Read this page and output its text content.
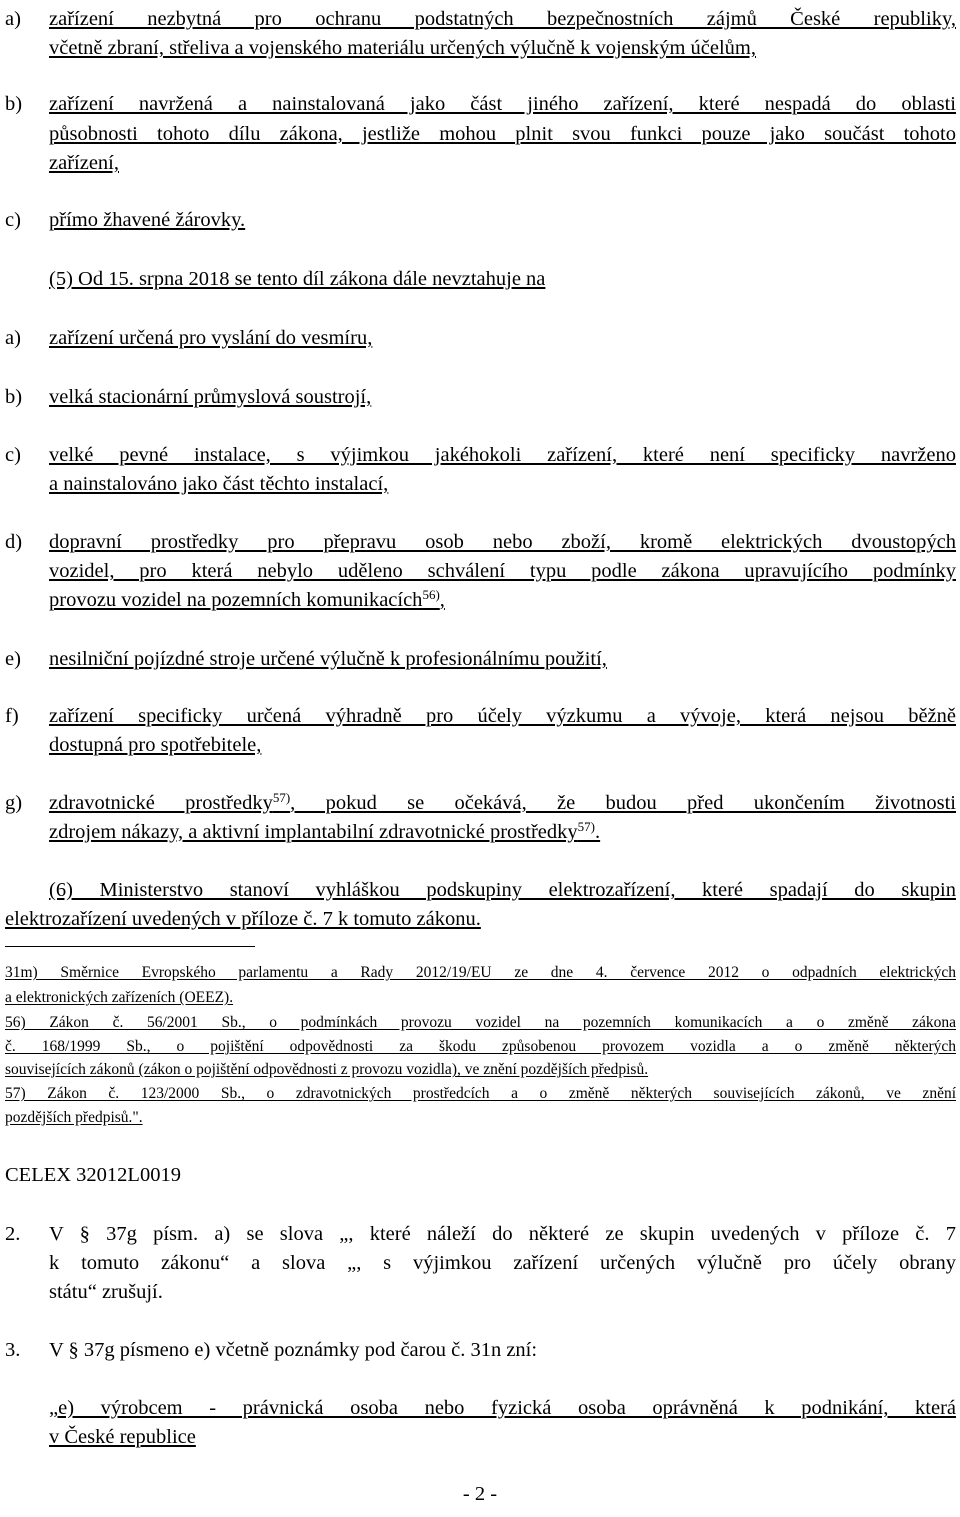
a) zařízení nezbytná pro ochranu podstatných bezpečnostních zájmů České republiky,
včetně zbraní, střeliva a vojenského materiálu určených výlučně k vojenským účelům,
b) zařízení navržená a nainstalovaná jako část jiného zařízení, které nespadá do oblasti
působnosti tohoto dílu zákona, jestliže mohou plnit svou funkci pouze jako součást tohoto
zařízení,
c) přímo žhavené žárovky.
(5) Od 15. srpna 2018 se tento díl zákona dále nevztahuje na
a) zařízení určená pro vyslání do vesmíru,
b) velká stacionární průmyslová soustrojí,
c) velké pevné instalace, s výjimkou jakéhokoli zařízení, které není specificky navrženo
a nainstalováno jako část těchto instalací,
d) dopravní prostředky pro přepravu osob nebo zboží, kromě elektrických dvoustopých
vozidel, pro která nebylo uděleno schválení typu podle zákona upravujícího podmínky
provozu vozidel na pozemních komunikacích$^{56)}$,
e) nesilniční pojízdné stroje určené výlučně k profesionálnímu použití,
f) zařízení specificky určená výhradně pro účely výzkumu a vývoje, která nejsou běžně
dostupná pro spotřebitele,
g) zdravotnické prostředky$^{57)}$, pokud se očekává, že budou před ukončením životnosti
zdrojem nákazy, a aktivní implantabilní zdravotnické prostředky$^{57)}$.
(6) Ministerstvo stanoví vyhláškou podskupiny elektrozařízení, které spadají do skupin
elektrozařízení uvedených v příloze č. 7 k tomuto zákonu.
31m) Směrnice Evropského parlamentu a Rady 2012/19/EU ze dne 4. července 2012 o odpadních elektrických
a elektronických zařízeních (OEEZ).
56) Zákon č. 56/2001 Sb., o podmínkách provozu vozidel na pozemních komunikacích a o změně zákona
č. 168/1999 Sb., o pojištění odpovědnosti za škodu způsobenou provozem vozidla a o změně některých
souvisejících zákonů (zákon o pojištění odpovědnosti z provozu vozidla), ve znění pozdějších předpisů.
57) Zákon č. 123/2000 Sb., o zdravotnických prostředcích a o změně některých souvisejících zákonů, ve znění
pozdějších předpisů.".
CELEX 32012L0019
2. V § 37g písm. a) se slova „, které náleží do některé ze skupin uvedených v příloze č. 7
k tomuto zákonu“ a slova „, s výjimkou zařízení určených výlučně pro účely obrany
státu“ zrušují.
3. V § 37g písmeno e) včetně poznámky pod čarou č. 31n zní:
„e) výrobcem - právnická osoba nebo fyzická osoba oprávněná k podnikání, která
v České republice
- 2 -
